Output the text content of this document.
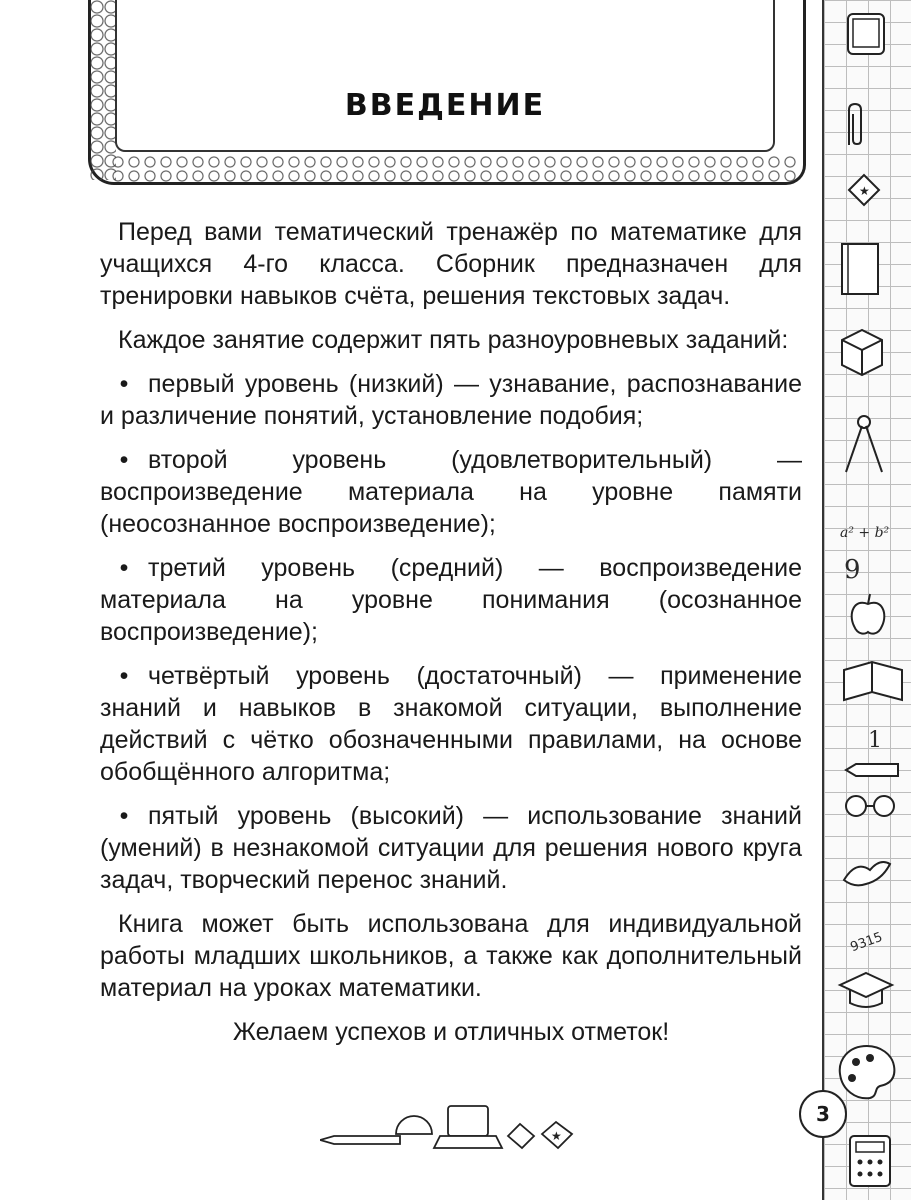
★
a² + b²
9
1
9315
ВВЕДЕНИЕ

Перед вами тематический тренажёр по математике для учащихся 4-го класса. Сборник предназначен для тренировки навыков счёта, решения текстовых задач.

Каждое занятие содержит пять разноуровневых заданий:

• первый уровень (низкий) — узнавание, распознавание и различение понятий, установление подобия;

• второй уровень (удовлетворительный) — воспроизведение материала на уровне памяти (неосознанное воспроизведение);

• третий уровень (средний) — воспроизведение материала на уровне понимания (осознанное воспроизведение);

• четвёртый уровень (достаточный) — применение знаний и навыков в знакомой ситуации, выполнение действий с чётко обозначенными правилами, на основе обобщённого алгоритма;

• пятый уровень (высокий) — использование знаний (умений) в незнакомой ситуации для решения нового круга задач, творческий перенос знаний.

Книга может быть использована для индивидуальной работы младших школьников, а также как дополнительный материал на уроках математики.

Желаем успехов и отличных отметок!

★
3
